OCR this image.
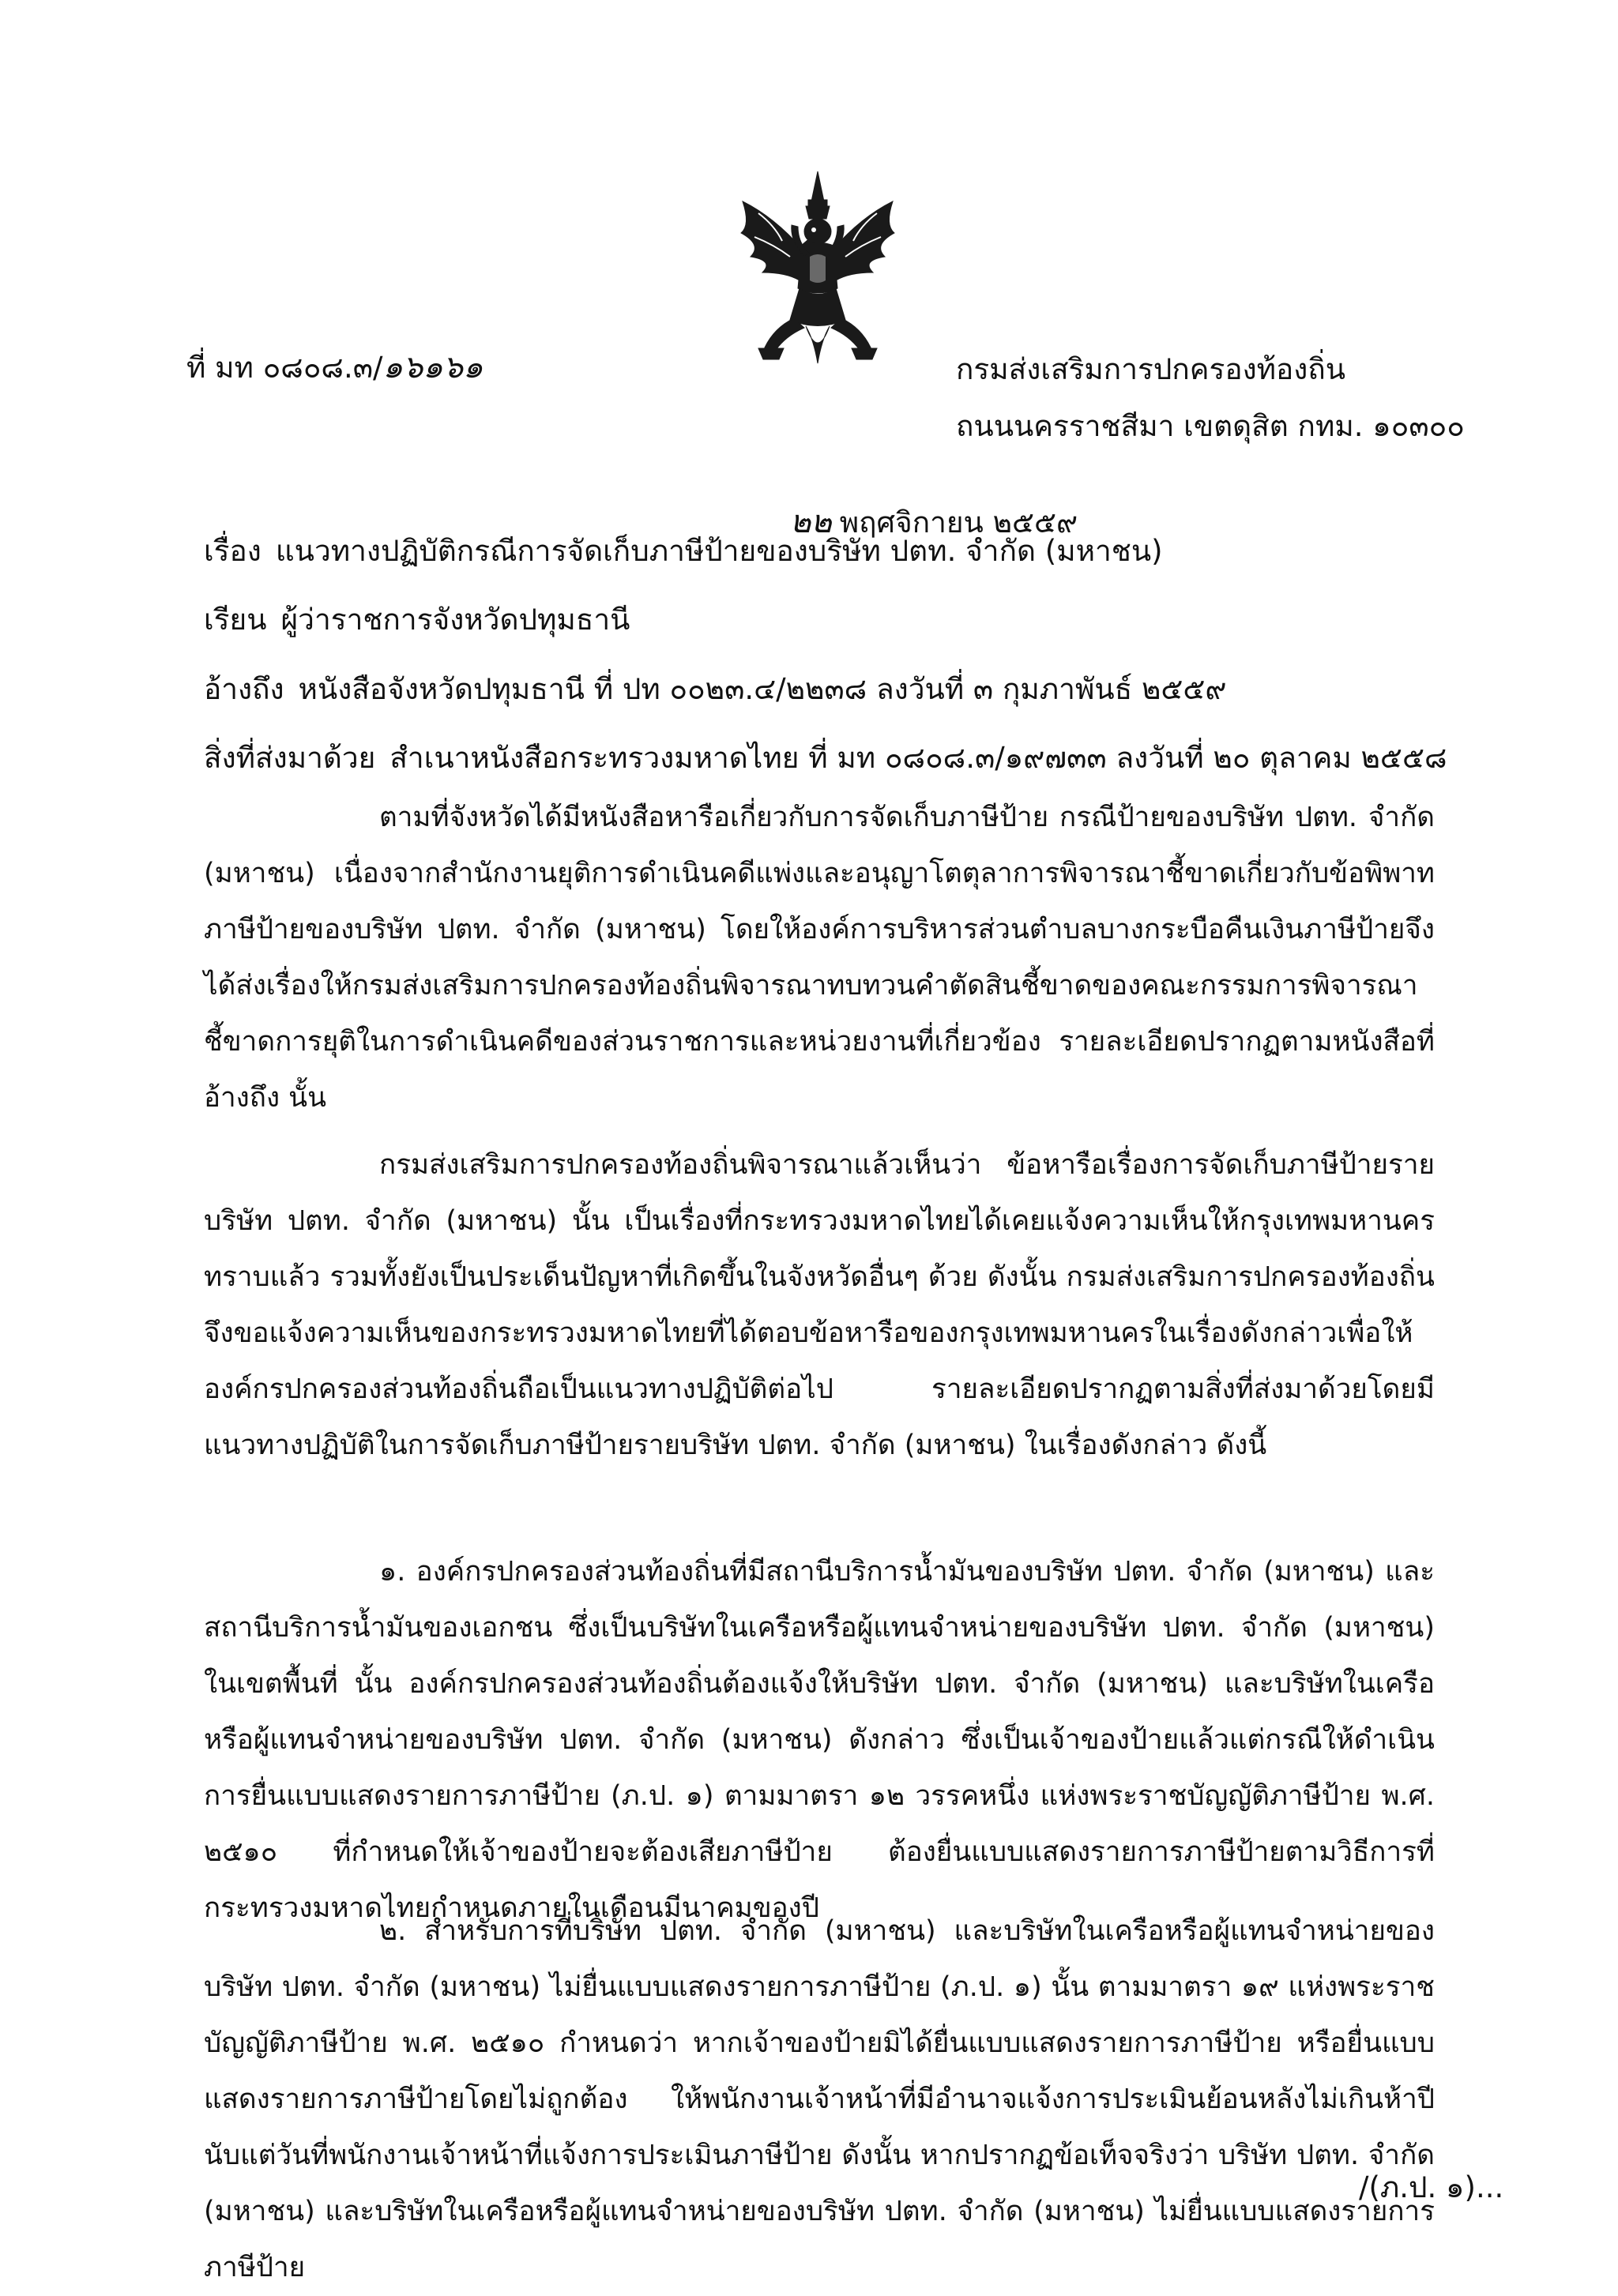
ที่ มท ๐๘๐๘.๓/๑๖๑๖๑	กรมส่งเสริมการปกครองท้องถิ่น
ถนนนครราชสีมา เขตดุสิต กทม. ๑๐๓๐๐
๒๒ พฤศจิกายน ๒๕๕๙
เรื่อง แนวทางปฏิบัติกรณีการจัดเก็บภาษีป้ายของบริษัท ปตท. จำกัด (มหาชน)
เรียน ผู้ว่าราชการจังหวัดปทุมธานี
อ้างถึง หนังสือจังหวัดปทุมธานี ที่ ปท ๐๐๒๓.๔/๒๒๓๘ ลงวันที่ ๓ กุมภาพันธ์ ๒๕๕๙
สิ่งที่ส่งมาด้วย สำเนาหนังสือกระทรวงมหาดไทย ที่ มท ๐๘๐๘.๓/๑๙๗๓๓ ลงวันที่ ๒๐ ตุลาคม ๒๕๕๘

ตามที่จังหวัดได้มีหนังสือหารือเกี่ยวกับการจัดเก็บภาษีป้าย กรณีป้ายของบริษัท ปตท. จำกัด (มหาชน) เนื่องจากสำนักงานยุติการดำเนินคดีแพ่งและอนุญาโตตุลาการพิจารณาชี้ขาดเกี่ยวกับข้อพิพาทภาษีป้ายของบริษัท ปตท. จำกัด (มหาชน) โดยให้องค์การบริหารส่วนตำบลบางกระบือคืนเงินภาษีป้ายจึงได้ส่งเรื่องให้กรมส่งเสริมการปกครองท้องถิ่นพิจารณาทบทวนคำตัดสินชี้ขาดของคณะกรรมการพิจารณาชี้ขาดการยุติในการดำเนินคดีของส่วนราชการและหน่วยงานที่เกี่ยวข้อง รายละเอียดปรากฏตามหนังสือที่อ้างถึง นั้น

กรมส่งเสริมการปกครองท้องถิ่นพิจารณาแล้วเห็นว่า ข้อหารือเรื่องการจัดเก็บภาษีป้ายรายบริษัท ปตท. จำกัด (มหาชน) นั้น เป็นเรื่องที่กระทรวงมหาดไทยได้เคยแจ้งความเห็นให้กรุงเทพมหานครทราบแล้ว รวมทั้งยังเป็นประเด็นปัญหาที่เกิดขึ้นในจังหวัดอื่นๆ ด้วย ดังนั้น กรมส่งเสริมการปกครองท้องถิ่นจึงขอแจ้งความเห็นของกระทรวงมหาดไทยที่ได้ตอบข้อหารือของกรุงเทพมหานครในเรื่องดังกล่าวเพื่อให้องค์กรปกครองส่วนท้องถิ่นถือเป็นแนวทางปฏิบัติต่อไป รายละเอียดปรากฏตามสิ่งที่ส่งมาด้วยโดยมีแนวทางปฏิบัติในการจัดเก็บภาษีป้ายรายบริษัท ปตท. จำกัด (มหาชน) ในเรื่องดังกล่าว ดังนี้

๑. องค์กรปกครองส่วนท้องถิ่นที่มีสถานีบริการน้ำมันของบริษัท ปตท. จำกัด (มหาชน) และสถานีบริการน้ำมันของเอกชน ซึ่งเป็นบริษัทในเครือหรือผู้แทนจำหน่ายของบริษัท ปตท. จำกัด (มหาชน) ในเขตพื้นที่ นั้น องค์กรปกครองส่วนท้องถิ่นต้องแจ้งให้บริษัท ปตท. จำกัด (มหาชน) และบริษัทในเครือหรือผู้แทนจำหน่ายของบริษัท ปตท. จำกัด (มหาชน) ดังกล่าว ซึ่งเป็นเจ้าของป้ายแล้วแต่กรณีให้ดำเนินการยื่นแบบแสดงรายการภาษีป้าย (ภ.ป. ๑) ตามมาตรา ๑๒ วรรคหนึ่ง แห่งพระราชบัญญัติภาษีป้าย พ.ศ. ๒๕๑๐ ที่กำหนดให้เจ้าของป้ายจะต้องเสียภาษีป้าย ต้องยื่นแบบแสดงรายการภาษีป้ายตามวิธีการที่กระทรวงมหาดไทยกำหนดภายในเดือนมีนาคมของปี

๒. สำหรับการที่บริษัท ปตท. จำกัด (มหาชน) และบริษัทในเครือหรือผู้แทนจำหน่ายของบริษัท ปตท. จำกัด (มหาชน) ไม่ยื่นแบบแสดงรายการภาษีป้าย (ภ.ป. ๑) นั้น ตามมาตรา ๑๙ แห่งพระราชบัญญัติภาษีป้าย พ.ศ. ๒๕๑๐ กำหนดว่า หากเจ้าของป้ายมิได้ยื่นแบบแสดงรายการภาษีป้าย หรือยื่นแบบแสดงรายการภาษีป้ายโดยไม่ถูกต้อง ให้พนักงานเจ้าหน้าที่มีอำนาจแจ้งการประเมินย้อนหลังไม่เกินห้าปีนับแต่วันที่พนักงานเจ้าหน้าที่แจ้งการประเมินภาษีป้าย ดังนั้น หากปรากฏข้อเท็จจริงว่า บริษัท ปตท. จำกัด (มหาชน) และบริษัทในเครือหรือผู้แทนจำหน่ายของบริษัท ปตท. จำกัด (มหาชน) ไม่ยื่นแบบแสดงรายการภาษีป้าย

/(ภ.ป. ๑)...
